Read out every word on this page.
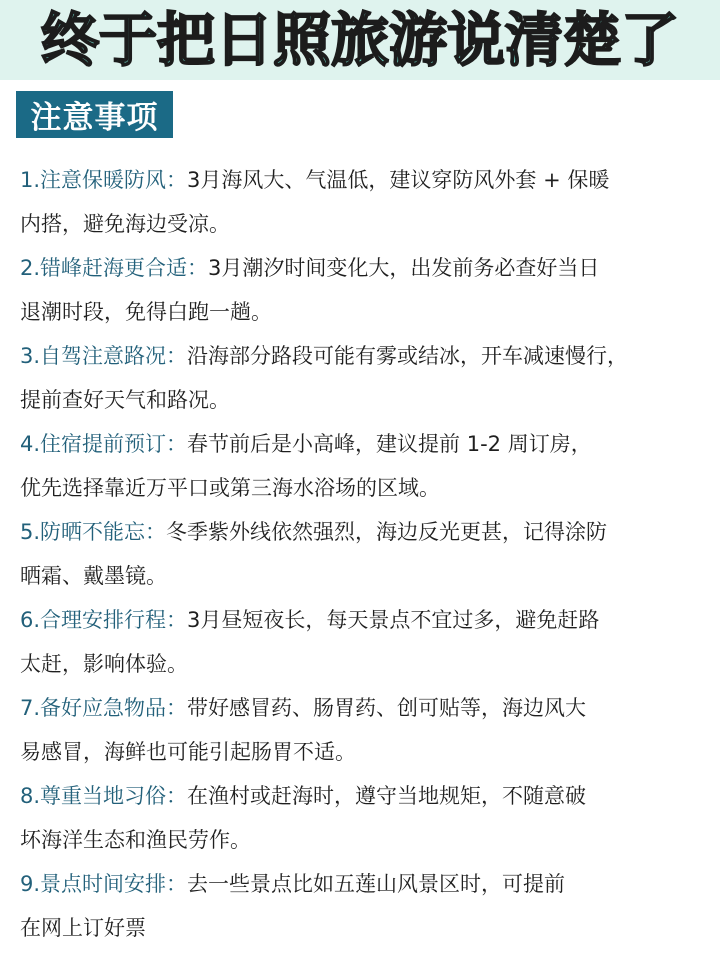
终于把日照旅游说清楚了
注意事项
1.注意保暖防风：3月海风大、气温低，建议穿防风外套 + 保暖
内搭，避免海边受凉。
2.错峰赶海更合适：3月潮汐时间变化大，出发前务必查好当日
退潮时段，免得白跑一趟。
3.自驾注意路况：沿海部分路段可能有雾或结冰，开车减速慢行，
提前查好天气和路况。
4.住宿提前预订：春节前后是小高峰，建议提前 1-2 周订房，
优先选择靠近万平口或第三海水浴场的区域。
5.防晒不能忘：冬季紫外线依然强烈，海边反光更甚，记得涂防
晒霜、戴墨镜。
6.合理安排行程：3月昼短夜长，每天景点不宜过多，避免赶路
太赶，影响体验。
7.备好应急物品：带好感冒药、肠胃药、创可贴等，海边风大
易感冒，海鲜也可能引起肠胃不适。
8.尊重当地习俗：在渔村或赶海时，遵守当地规矩，不随意破
坏海洋生态和渔民劳作。
9.景点时间安排：去一些景点比如五莲山风景区时，可提前
在网上订好票
